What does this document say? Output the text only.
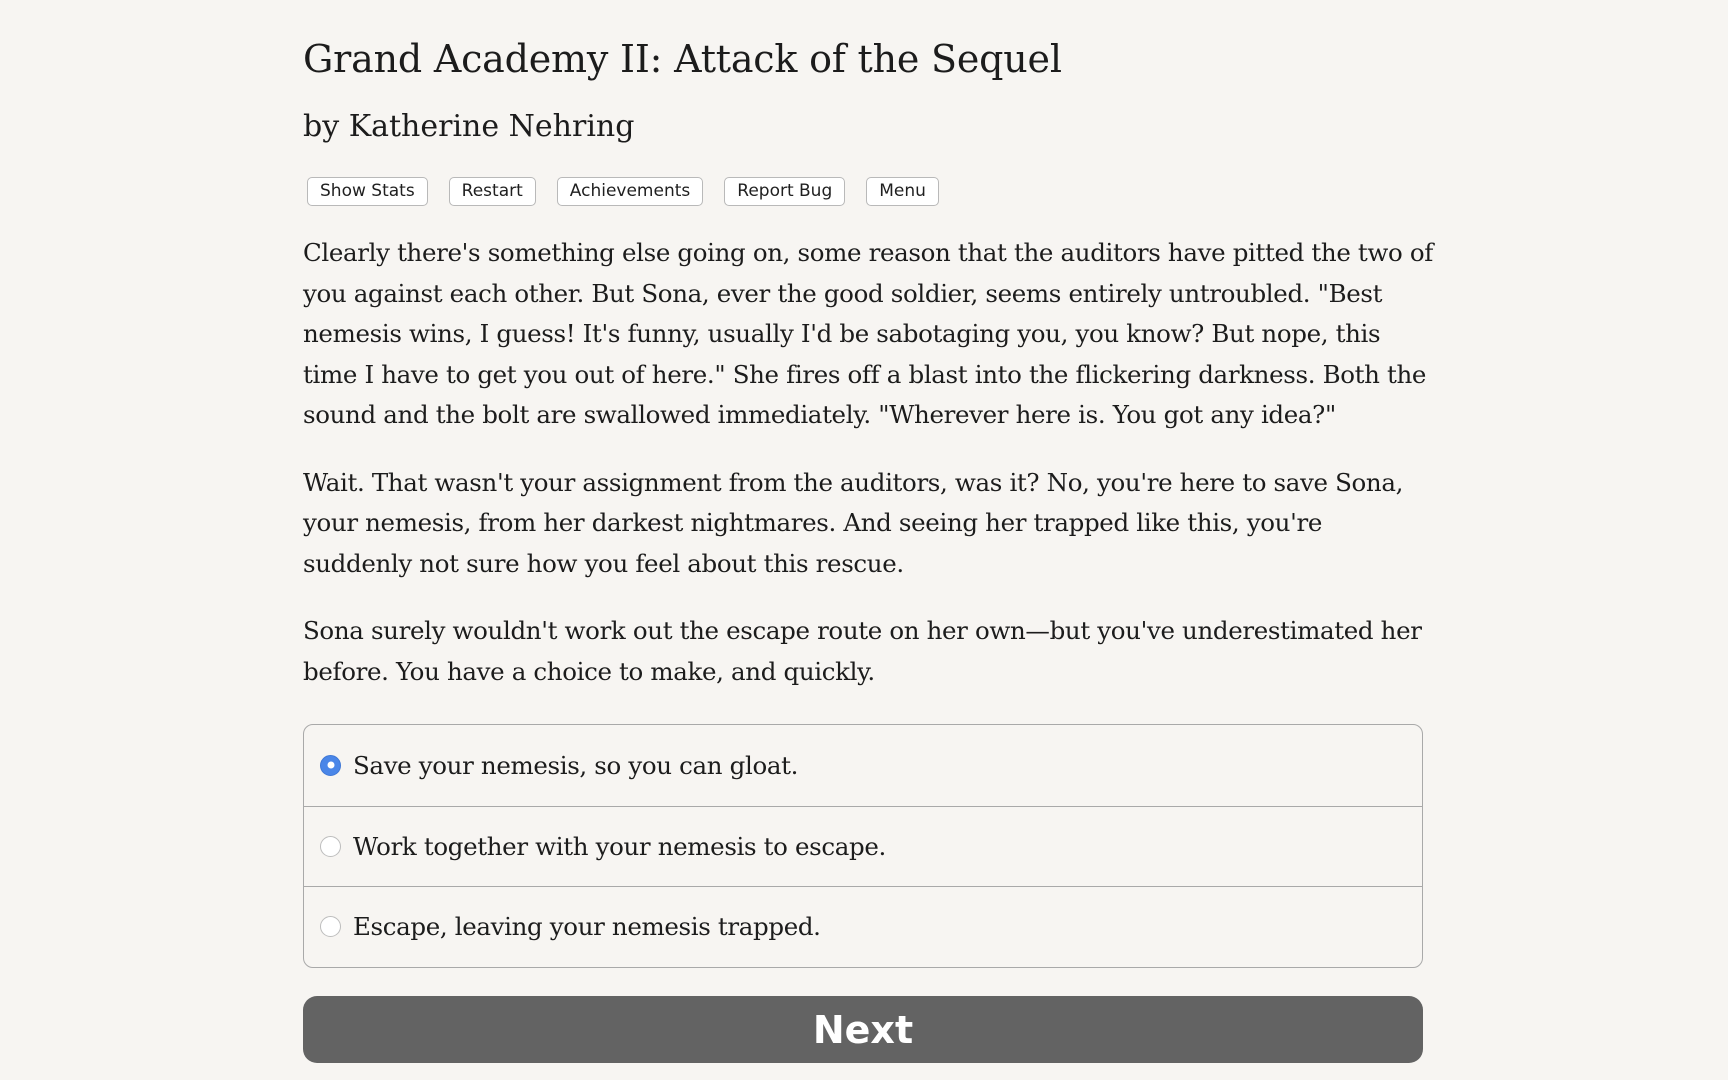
Grand Academy II: Attack of the Sequel
by Katherine Nehring
Show Stats	Restart	Achievements	Report Bug	Menu

Clearly there's something else going on, some reason that the auditors have pitted the two of you against each other. But Sona, ever the good soldier, seems entirely untroubled. "Best nemesis wins, I guess! It's funny, usually I'd be sabotaging you, you know? But nope, this time I have to get you out of here." She fires off a blast into the flickering darkness. Both the sound and the bolt are swallowed immediately. "Wherever here is. You got any idea?"

Wait. That wasn't your assignment from the auditors, was it? No, you're here to save Sona, your nemesis, from her darkest nightmares. And seeing her trapped like this, you're suddenly not sure how you feel about this rescue.

Sona surely wouldn't work out the escape route on her own—but you've underestimated her before. You have a choice to make, and quickly.

Save your nemesis, so you can gloat.
Work together with your nemesis to escape.
Escape, leaving your nemesis trapped.
Next
